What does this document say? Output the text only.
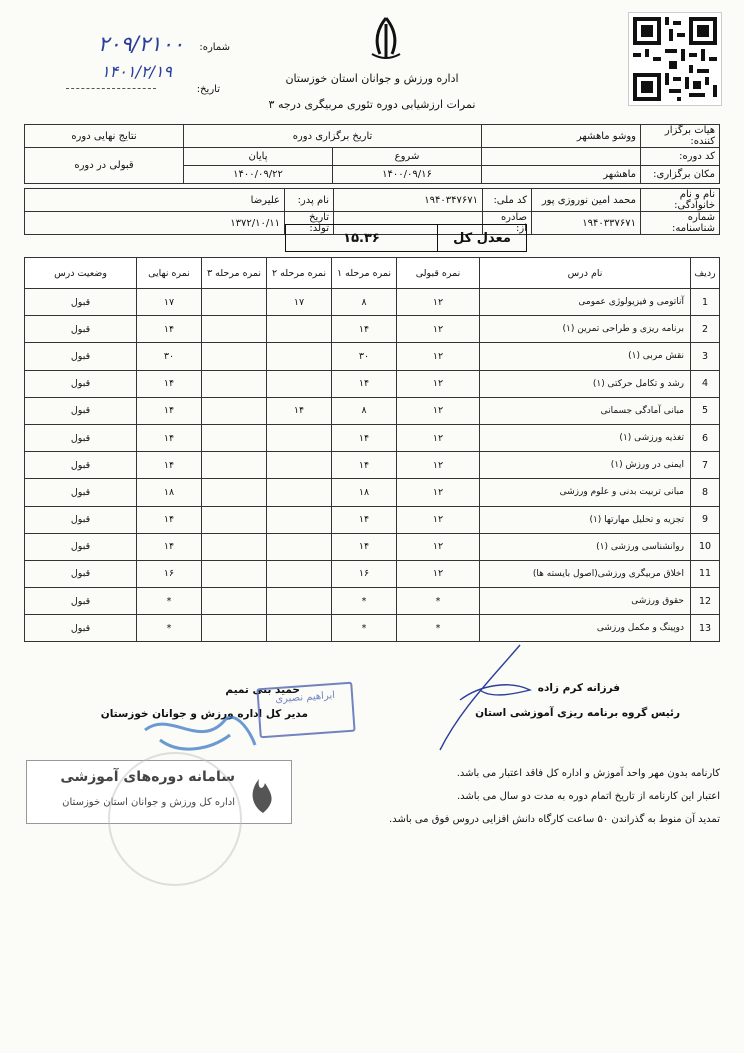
شماره:
۲۰۹/۲۱۰۰
تاریخ:
۱۴۰۱/۲/۱۹	اداره ورزش و جوانان استان خوزستان
نمرات ارزشیابی دوره تئوری مربیگری درجه ۳
هیات برگزار کننده:	ووشو ماهشهر	تاریخ برگزاری دوره		نتایج نهایی دوره
کد دوره:		شروع	پایان	قبولی در دوره
مکان برگزاری:	ماهشهر	۱۴۰۰/۰۹/۱۶	۱۴۰۰/۰۹/۲۲	
نام و نام خانوادگی:	محمد امین نوروزی پور	کد ملی:	۱۹۴۰۳۴۷۶۷۱	نام پدر:	علیرضا
شماره شناسنامه:	۱۹۴۰۳۳۷۶۷۱	صادره از:		تاریخ تولد:	۱۳۷۲/۱۰/۱۱
معدل کل	۱۵.۳۶
ردیف	نام درس	نمره قبولی	نمره مرحله ۱	نمره مرحله ۲	نمره مرحله ۳	نمره نهایی	وضعیت درس
1	آناتومی و فیزیولوژی عمومی	۱۲	۸	۱۷		۱۷	قبول
2	برنامه ریزی و طراحی تمرین (۱)	۱۲	۱۴			۱۴	قبول
3	نقش مربی (۱)	۱۲	۳۰			۳۰	قبول
4	رشد و تکامل حرکتی (۱)	۱۲	۱۴			۱۴	قبول
5	مبانی آمادگی جسمانی	۱۲	۸	۱۴		۱۴	قبول
6	تغذیه ورزشی (۱)	۱۲	۱۴			۱۴	قبول
7	ایمنی در ورزش (۱)	۱۲	۱۴			۱۴	قبول
8	مبانی تربیت بدنی و علوم ورزشی	۱۲	۱۸			۱۸	قبول
9	تجزیه و تحلیل مهارتها (۱)	۱۲	۱۴			۱۴	قبول
10	روانشناسی ورزشی (۱)	۱۲	۱۴			۱۴	قبول
11	اخلاق مربیگری ورزشی(اصول بایسته ها)	۱۲	۱۶			۱۶	قبول
12	حقوق ورزشی	*	*			*	قبول
13	دوپینگ و مکمل ورزشی	*	*			*	قبول
فرزانه کرم زاده
رئیس گروه برنامه ریزی آموزشی استان
حمید بنی تمیم
مدیر کل اداره ورزش و جوانان خوزستان
ابراهیم نصیری
سامانه دوره‌های آموزشی
اداره کل ورزش و جوانان استان خوزستان
کارنامه بدون مهر واحد آموزش و اداره کل فاقد اعتبار می باشد.
اعتبار این کارنامه از تاریخ اتمام دوره به مدت دو سال می باشد.
تمدید آن منوط به گذراندن ۵۰ ساعت کارگاه دانش افزایی دروس فوق می باشد.
